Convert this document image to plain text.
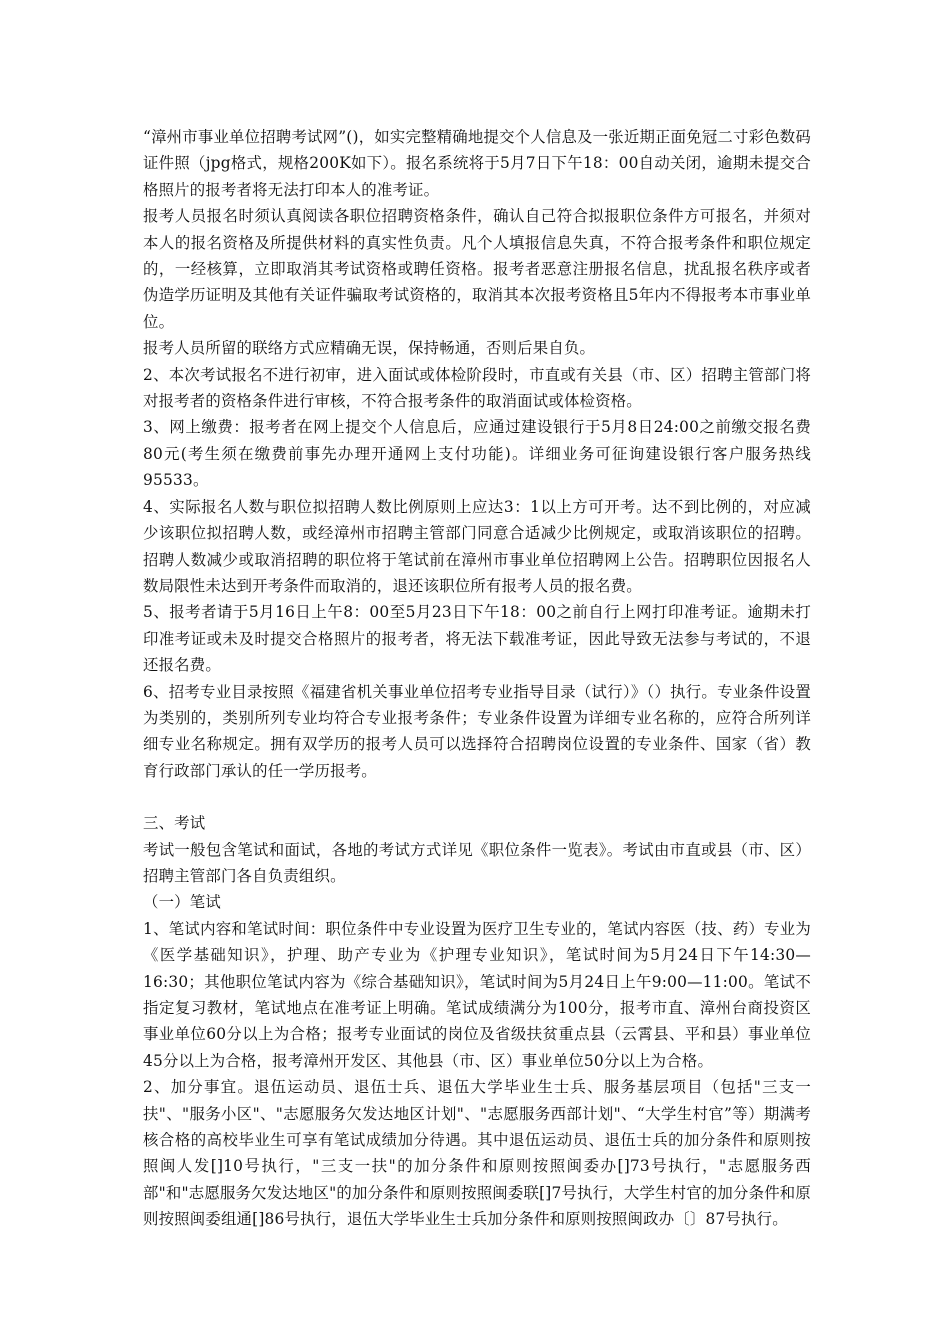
“漳州市事业单位招聘考试网”()，如实完整精确地提交个人信息及一张近期正面免冠二寸彩色数码证件照（jpg格式，规格200K如下）。报名系统将于5月7日下午18：00自动关闭，逾期未提交合格照片的报考者将无法打印本人的准考证。

报考人员报名时须认真阅读各职位招聘资格条件，确认自己符合拟报职位条件方可报名，并须对本人的报名资格及所提供材料的真实性负责。凡个人填报信息失真，不符合报考条件和职位规定的，一经核算，立即取消其考试资格或聘任资格。报考者恶意注册报名信息，扰乱报名秩序或者伪造学历证明及其他有关证件骗取考试资格的，取消其本次报考资格且5年内不得报考本市事业单位。

报考人员所留的联络方式应精确无误，保持畅通，否则后果自负。

2、本次考试报名不进行初审，进入面试或体检阶段时，市直或有关县（市、区）招聘主管部门将对报考者的资格条件进行审核，不符合报考条件的取消面试或体检资格。

3、网上缴费：报考者在网上提交个人信息后，应通过建设银行于5月8日24:00之前缴交报名费80元(考生须在缴费前事先办理开通网上支付功能)。详细业务可征询建设银行客户服务热线95533。

4、实际报名人数与职位拟招聘人数比例原则上应达3：1以上方可开考。达不到比例的，对应减少该职位拟招聘人数，或经漳州市招聘主管部门同意合适减少比例规定，或取消该职位的招聘。招聘人数减少或取消招聘的职位将于笔试前在漳州市事业单位招聘网上公告。招聘职位因报名人数局限性未达到开考条件而取消的，退还该职位所有报考人员的报名费。

5、报考者请于5月16日上午8：00至5月23日下午18：00之前自行上网打印准考证。逾期未打印准考证或未及时提交合格照片的报考者，将无法下载准考证，因此导致无法参与考试的，不退还报名费。

6、招考专业目录按照《福建省机关事业单位招考专业指导目录（试行）》（）执行。专业条件设置为类别的，类别所列专业均符合专业报考条件；专业条件设置为详细专业名称的，应符合所列详细专业名称规定。拥有双学历的报考人员可以选择符合招聘岗位设置的专业条件、国家（省）教育行政部门承认的任一学历报考。

三、考试

考试一般包含笔试和面试，各地的考试方式详见《职位条件一览表》。考试由市直或县（市、区）招聘主管部门各自负责组织。

（一）笔试

1、笔试内容和笔试时间：职位条件中专业设置为医疗卫生专业的，笔试内容医（技、药）专业为《医学基础知识》，护理、助产专业为《护理专业知识》，笔试时间为5月24日下午14:30—16:30；其他职位笔试内容为《综合基础知识》，笔试时间为5月24日上午9:00—11:00。笔试不指定复习教材，笔试地点在准考证上明确。笔试成绩满分为100分，报考市直、漳州台商投资区事业单位60分以上为合格；报考专业面试的岗位及省级扶贫重点县（云霄县、平和县）事业单位45分以上为合格，报考漳州开发区、其他县（市、区）事业单位50分以上为合格。

2、加分事宜。退伍运动员、退伍士兵、退伍大学毕业生士兵、服务基层项目（包括"三支一扶"、"服务小区"、"志愿服务欠发达地区计划"、"志愿服务西部计划"、“大学生村官”等）期满考核合格的高校毕业生可享有笔试成绩加分待遇。其中退伍运动员、退伍士兵的加分条件和原则按照闽人发[]10号执行，"三支一扶"的加分条件和原则按照闽委办[]73号执行，"志愿服务西部"和"志愿服务欠发达地区"的加分条件和原则按照闽委联[]7号执行，大学生村官的加分条件和原则按照闽委组通[]86号执行，退伍大学毕业生士兵加分条件和原则按照闽政办〔〕87号执行。
